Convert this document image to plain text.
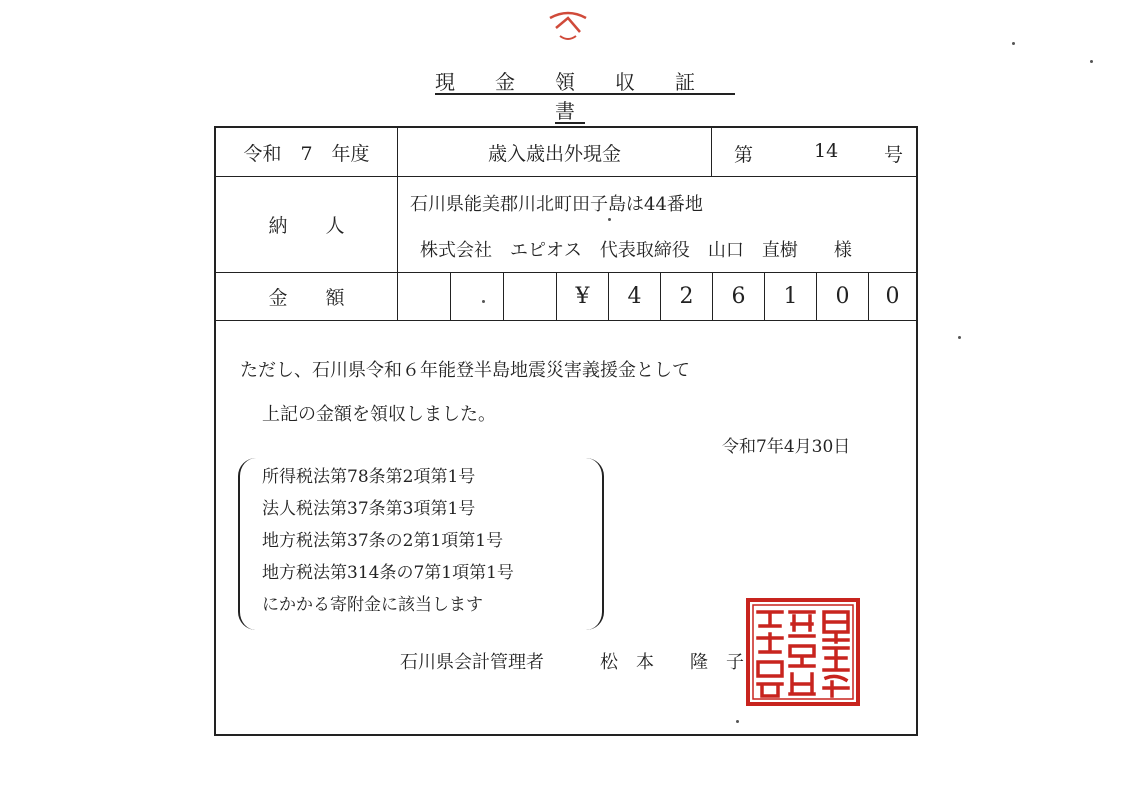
現　金　領　収　証　書
令和　7　年度	歳入歳出外現金	第	14 号
納　　人
石川県能美郡川北町田子島は44番地
株式会社　エピオス　代表取締役　山口　直樹　　様
金　　額	¥ 4 2 6 1 0 0
ただし、石川県令和６年能登半島地震災害義援金として
上記の金額を領収しました。
令和7年4月30日
所得税法第78条第2項第1号
法人税法第37条第3項第1号
地方税法第37条の2第1項第1号
地方税法第314条の7第1項第1号
にかかる寄附金に該当します
石川県会計管理者	松　本　　隆　子
